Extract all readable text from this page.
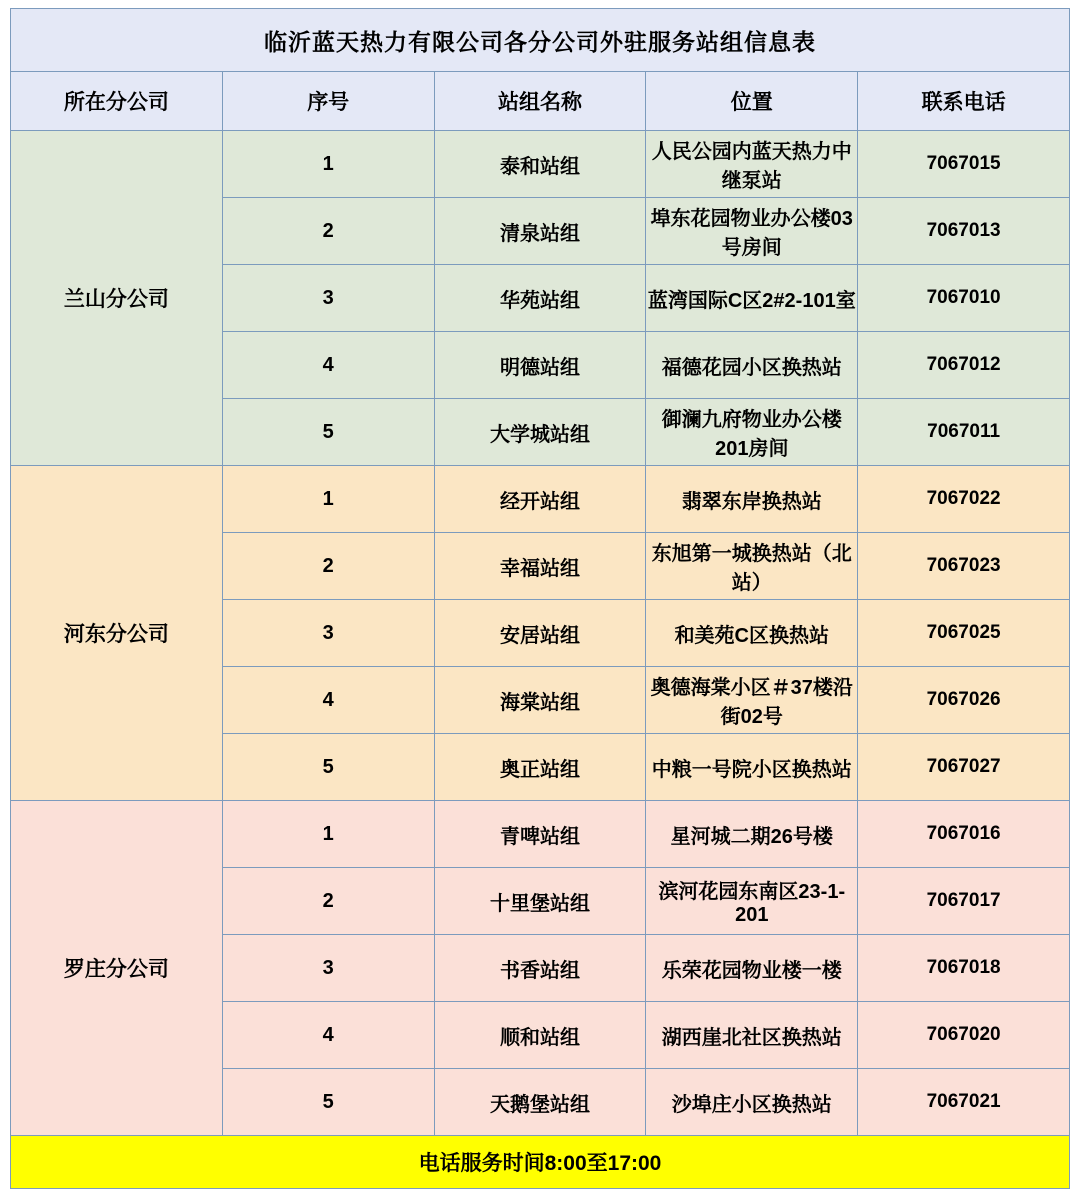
临沂蓝天热力有限公司各分公司外驻服务站组信息表				
所在分公司	序号	站组名称	位置	联系电话
兰山分公司	1	泰和站组	人民公园内蓝天热力中继泵站	7067015
	2	清泉站组	埠东花园物业办公楼03号房间	7067013
	3	华苑站组	蓝湾国际C区2#2-101室	7067010
	4	明德站组	福德花园小区换热站	7067012
	5	大学城站组	御澜九府物业办公楼201房间	7067011
河东分公司	1	经开站组	翡翠东岸换热站	7067022
	2	幸福站组	东旭第一城换热站（北站）	7067023
	3	安居站组	和美苑C区换热站	7067025
	4	海棠站组	奥德海棠小区＃37楼沿街02号	7067026
	5	奥正站组	中粮一号院小区换热站	7067027
罗庄分公司	1	青啤站组	星河城二期26号楼	7067016
	2	十里堡站组	滨河花园东南区23-1-201	7067017
	3	书香站组	乐荣花园物业楼一楼	7067018
	4	顺和站组	湖西崖北社区换热站	7067020
	5	天鹅堡站组	沙埠庄小区换热站	7067021
电话服务时间8:00至17:00				
